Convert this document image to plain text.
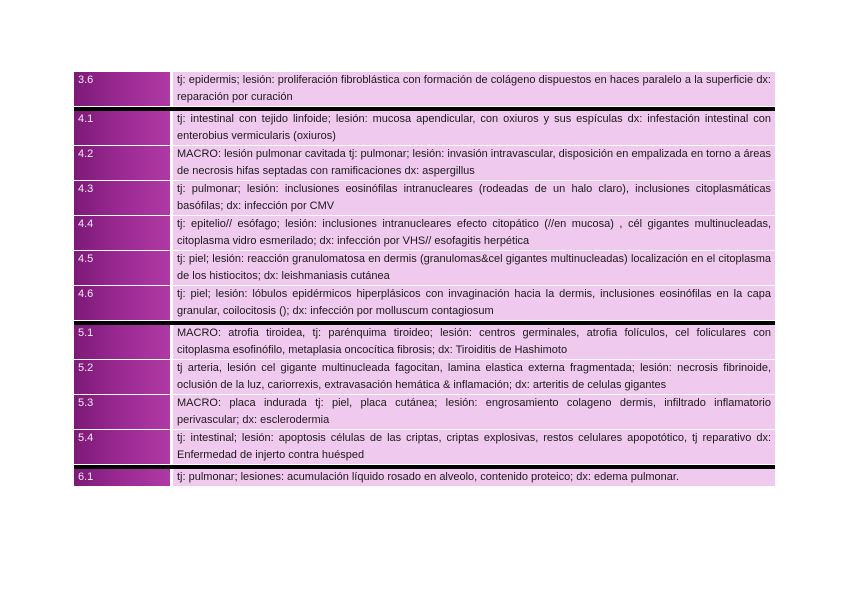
3.6	tj: epidermis; lesión: proliferación fibroblástica con formación de colágeno dispuestos en haces paralelo a la superficie dx: reparación por curación

4.1	tj: intestinal con tejido linfoide; lesión: mucosa apendicular, con oxiuros y sus espículas dx: infestación intestinal con enterobius vermicularis (oxiuros)
4.2	MACRO: lesión pulmonar cavitada tj: pulmonar; lesión: invasión intravascular, disposición en empalizada en torno a áreas de necrosis hifas septadas con ramificaciones dx: aspergillus
4.3	tj: pulmonar; lesión: inclusiones eosinófilas intranucleares (rodeadas de un halo claro), inclusiones citoplasmáticas basófilas; dx: infección por CMV
4.4	tj: epitelio// esófago; lesión: inclusiones intranucleares efecto citopático (//en mucosa) , cél gigantes multinucleadas, citoplasma vidro esmerilado; dx: infección por VHS// esofagitis herpética
4.5	tj: piel; lesión: reacción granulomatosa en dermis (granulomas&cel gigantes multinucleadas) localización en el citoplasma de los histiocitos; dx: leishmaniasis cutánea
4.6	tj: piel; lesión: lóbulos epidérmicos hiperplásicos con invaginación hacia la dermis, inclusiones eosinófilas en la capa granular, coilocitosis (); dx: infección por molluscum contagiosum

5.1	MACRO: atrofia tiroidea, tj: parénquima tiroideo; lesión: centros germinales, atrofia folículos, cel foliculares con citoplasma esofinófilo, metaplasia oncocítica fibrosis; dx: Tiroiditis de Hashimoto
5.2	tj arteria, lesión cel gigante multinucleada fagocitan, lamina elastica externa fragmentada; lesión: necrosis fibrinoide, oclusión de la luz, cariorrexis, extravasación hemática & inflamación; dx: arteritis de celulas gigantes
5.3	MACRO: placa indurada tj: piel, placa cutánea; lesión: engrosamiento colageno dermis, infiltrado inflamatorio perivascular; dx: esclerodermia
5.4	tj: intestinal; lesión: apoptosis células de las criptas, criptas explosivas, restos celulares apopotótico, tj reparativo dx: Enfermedad de injerto contra huésped

6.1	tj: pulmonar; lesiones: acumulación líquido rosado en alveolo, contenido proteico; dx: edema pulmonar.
